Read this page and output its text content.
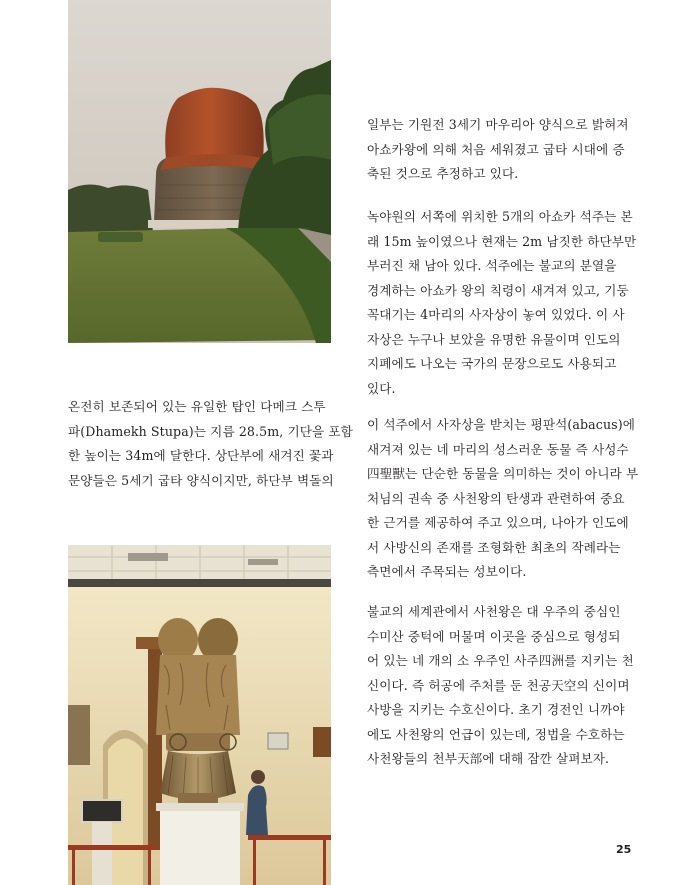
온전히 보존되어 있는 유일한 탑인 다메크 스투
파(Dhamekh Stupa)는 지름 28.5m, 기단을 포함
한 높이는 34m에 달한다. 상단부에 새겨진 꽃과
문양들은 5세기 굽타 양식이지만, 하단부 벽돌의
일부는 기원전 3세기 마우리아 양식으로 밝혀져
아쇼카왕에 의해 처음 세워졌고 굽타 시대에 증
축된 것으로 추정하고 있다.
녹야원의 서쪽에 위치한 5개의 아쇼카 석주는 본
래 15m 높이였으나 현재는 2m 남짓한 하단부만
부러진 채 남아 있다. 석주에는 불교의 분열을
경계하는 아쇼카 왕의 칙령이 새겨져 있고, 기둥
꼭대기는 4마리의 사자상이 놓여 있었다. 이 사
자상은 누구나 보았을 유명한 유물이며 인도의
지폐에도 나오는 국가의 문장으로도 사용되고
있다.
이 석주에서 사자상을 받치는 평판석(abacus)에
새겨져 있는 네 마리의 성스러운 동물 즉 사성수
四聖獸는 단순한 동물을 의미하는 것이 아니라 부
처님의 권속 중 사천왕의 탄생과 관련하여 중요
한 근거를 제공하여 주고 있으며, 나아가 인도에
서 사방신의 존재를 조형화한 최초의 작례라는
측면에서 주목되는 성보이다.
불교의 세계관에서 사천왕은 대 우주의 중심인
수미산 중턱에 머물며 이곳을 중심으로 형성되
어 있는 네 개의 소 우주인 사주四洲를 지키는 천
신이다. 즉 허공에 주처를 둔 천공天空의 신이며
사방을 지키는 수호신이다. 초기 경전인 니까야
에도 사천왕의 언급이 있는데, 정법을 수호하는
사천왕들의 천부天部에 대해 잠깐 살펴보자.
25
